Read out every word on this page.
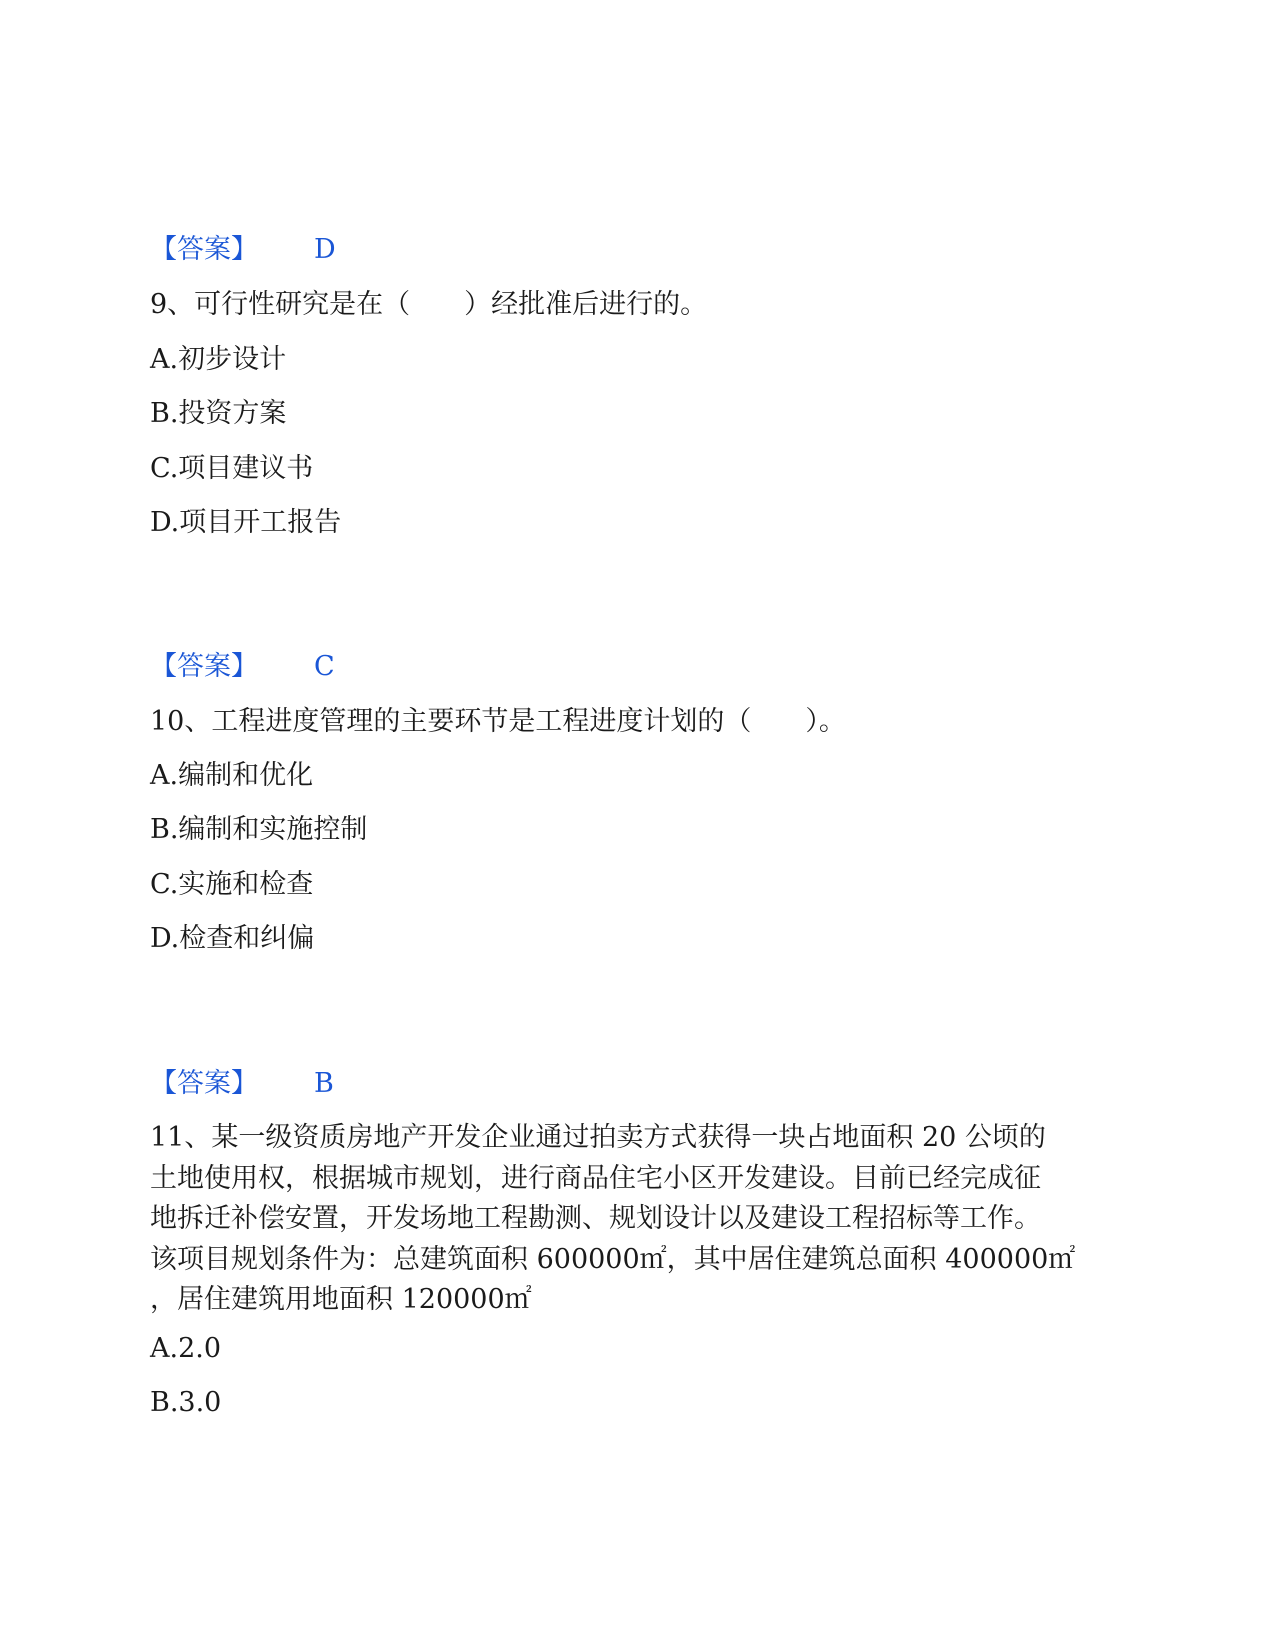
【答案】 D
9、可行性研究是在（　　）经批准后进行的。
A.初步设计
B.投资方案
C.项目建议书
D.项目开工报告
【答案】 C
10、工程进度管理的主要环节是工程进度计划的（　　）。
A.编制和优化
B.编制和实施控制
C.实施和检查
D.检查和纠偏
【答案】 B
11、某一级资质房地产开发企业通过拍卖方式获得一块占地面积 20 公顷的
土地使用权，根据城市规划，进行商品住宅小区开发建设。目前已经完成征
地拆迁补偿安置，开发场地工程勘测、规划设计以及建设工程招标等工作。
该项目规划条件为：总建筑面积 600000㎡，其中居住建筑总面积 400000㎡
，居住建筑用地面积 120000㎡
A.2.0
B.3.0
